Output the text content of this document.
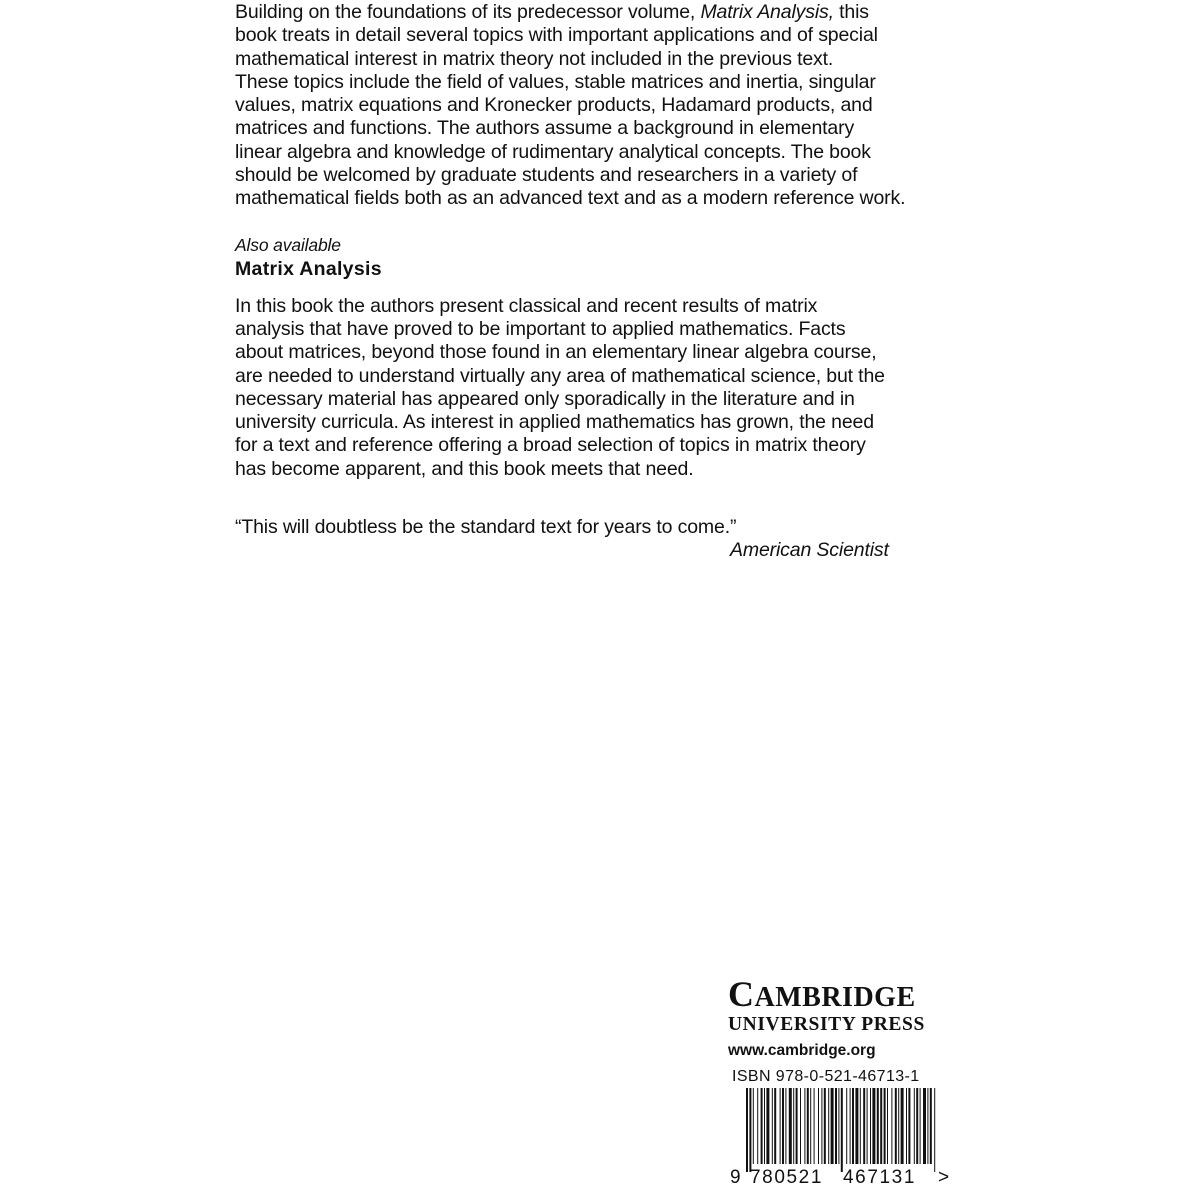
Building on the foundations of its predecessor volume, Matrix Analysis, this
book treats in detail several topics with important applications and of special
mathematical interest in matrix theory not included in the previous text.
These topics include the field of values, stable matrices and inertia, singular
values, matrix equations and Kronecker products, Hadamard products, and
matrices and functions. The authors assume a background in elementary
linear algebra and knowledge of rudimentary analytical concepts. The book
should be welcomed by graduate students and researchers in a variety of
mathematical fields both as an advanced text and as a modern reference work.

Also available
Matrix Analysis

In this book the authors present classical and recent results of matrix
analysis that have proved to be important to applied mathematics. Facts
about matrices, beyond those found in an elementary linear algebra course,
are needed to understand virtually any area of mathematical science, but the
necessary material has appeared only sporadically in the literature and in
university curricula. As interest in applied mathematics has grown, the need
for a text and reference offering a broad selection of topics in matrix theory
has become apparent, and this book meets that need.

“This will doubtless be the standard text for years to come.”
American Scientist
CAMBRIDGE
UNIVERSITY PRESS
www.cambridge.org
ISBN 978-0-521-46713-1
9 780521 467131 >
